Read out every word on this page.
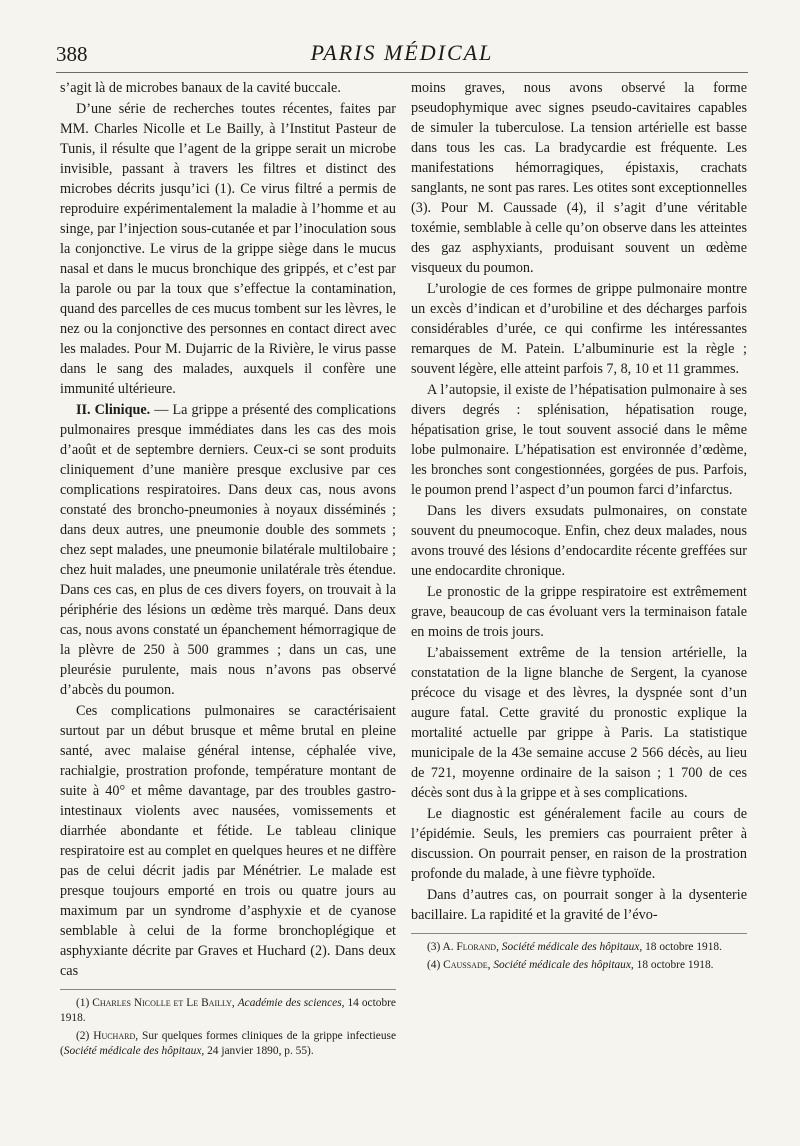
388	PARIS MÉDICAL

s’agit là de microbes banaux de la cavité buccale.

D’une série de recherches toutes récentes, faites par MM. Charles Nicolle et Le Bailly, à l’Institut Pasteur de Tunis, il résulte que l’agent de la grippe serait un microbe invisible, passant à travers les filtres et distinct des microbes décrits jusqu’ici (1). Ce virus filtré a permis de reproduire expérimentalement la maladie à l’homme et au singe, par l’injection sous-cutanée et par l’inoculation sous la conjonctive. Le virus de la grippe siège dans le mucus nasal et dans le mucus bronchique des grippés, et c’est par la parole ou par la toux que s’effectue la contamination, quand des parcelles de ces mucus tombent sur les lèvres, le nez ou la conjonctive des personnes en contact direct avec les malades. Pour M. Dujarric de la Rivière, le virus passe dans le sang des malades, auxquels il confère une immunité ultérieure.

II. Clinique. — La grippe a présenté des complications pulmonaires presque immédiates dans les cas des mois d’août et de septembre derniers. Ceux-ci se sont produits cliniquement d’une manière presque exclusive par ces complications respiratoires. Dans deux cas, nous avons constaté des broncho-pneumonies à noyaux disséminés ; dans deux autres, une pneumonie double des sommets ; chez sept malades, une pneumonie bilatérale multilobaire ; chez huit malades, une pneumonie unilatérale très étendue. Dans ces cas, en plus de ces divers foyers, on trouvait à la périphérie des lésions un œdème très marqué. Dans deux cas, nous avons constaté un épanchement hémorragique de la plèvre de 250 à 500 grammes ; dans un cas, une pleurésie purulente, mais nous n’avons pas observé d’abcès du poumon.

Ces complications pulmonaires se caractérisaient surtout par un début brusque et même brutal en pleine santé, avec malaise général intense, céphalée vive, rachialgie, prostration profonde, température montant de suite à 40° et même davantage, par des troubles gastro-intestinaux violents avec nausées, vomissements et diarrhée abondante et fétide. Le tableau clinique respiratoire est au complet en quelques heures et ne diffère pas de celui décrit jadis par Ménétrier. Le malade est presque toujours emporté en trois ou quatre jours au maximum par un syndrome d’asphyxie et de cyanose semblable à celui de la forme bronchoplégique et asphyxiante décrite par Graves et Huchard (2). Dans deux cas

(1) Charles Nicolle et Le Bailly, Académie des sciences, 14 octobre 1918.

(2) Huchard, Sur quelques formes cliniques de la grippe infectieuse (Société médicale des hôpitaux, 24 janvier 1890, p. 55).

moins graves, nous avons observé la forme pseudophymique avec signes pseudo-cavitaires capables de simuler la tuberculose. La tension artérielle est basse dans tous les cas. La bradycardie est fréquente. Les manifestations hémorragiques, épistaxis, crachats sanglants, ne sont pas rares. Les otites sont exceptionnelles (3). Pour M. Caussade (4), il s’agit d’une véritable toxémie, semblable à celle qu’on observe dans les atteintes des gaz asphyxiants, produisant souvent un œdème visqueux du poumon.

L’urologie de ces formes de grippe pulmonaire montre un excès d’indican et d’urobiline et des décharges parfois considérables d’urée, ce qui confirme les intéressantes remarques de M. Patein. L’albuminurie est la règle ; souvent légère, elle atteint parfois 7, 8, 10 et 11 grammes.

A l’autopsie, il existe de l’hépatisation pulmonaire à ses divers degrés : splénisation, hépatisation rouge, hépatisation grise, le tout souvent associé dans le même lobe pulmonaire. L’hépatisation est environnée d’œdème, les bronches sont congestionnées, gorgées de pus. Parfois, le poumon prend l’aspect d’un poumon farci d’infarctus.

Dans les divers exsudats pulmonaires, on constate souvent du pneumocoque. Enfin, chez deux malades, nous avons trouvé des lésions d’endocardite récente greffées sur une endocardite chronique.

Le pronostic de la grippe respiratoire est extrêmement grave, beaucoup de cas évoluant vers la terminaison fatale en moins de trois jours.

L’abaissement extrême de la tension artérielle, la constatation de la ligne blanche de Sergent, la cyanose précoce du visage et des lèvres, la dyspnée sont d’un augure fatal. Cette gravité du pronostic explique la mortalité actuelle par grippe à Paris. La statistique municipale de la 43e semaine accuse 2 566 décès, au lieu de 721, moyenne ordinaire de la saison ; 1 700 de ces décès sont dus à la grippe et à ses complications.

Le diagnostic est généralement facile au cours de l’épidémie. Seuls, les premiers cas pourraient prêter à discussion. On pourrait penser, en raison de la prostration profonde du malade, à une fièvre typhoïde.

Dans d’autres cas, on pourrait songer à la dysenterie bacillaire. La rapidité et la gravité de l’évo-

(3) A. Florand, Société médicale des hôpitaux, 18 octobre 1918.

(4) Caussade, Société médicale des hôpitaux, 18 octobre 1918.
